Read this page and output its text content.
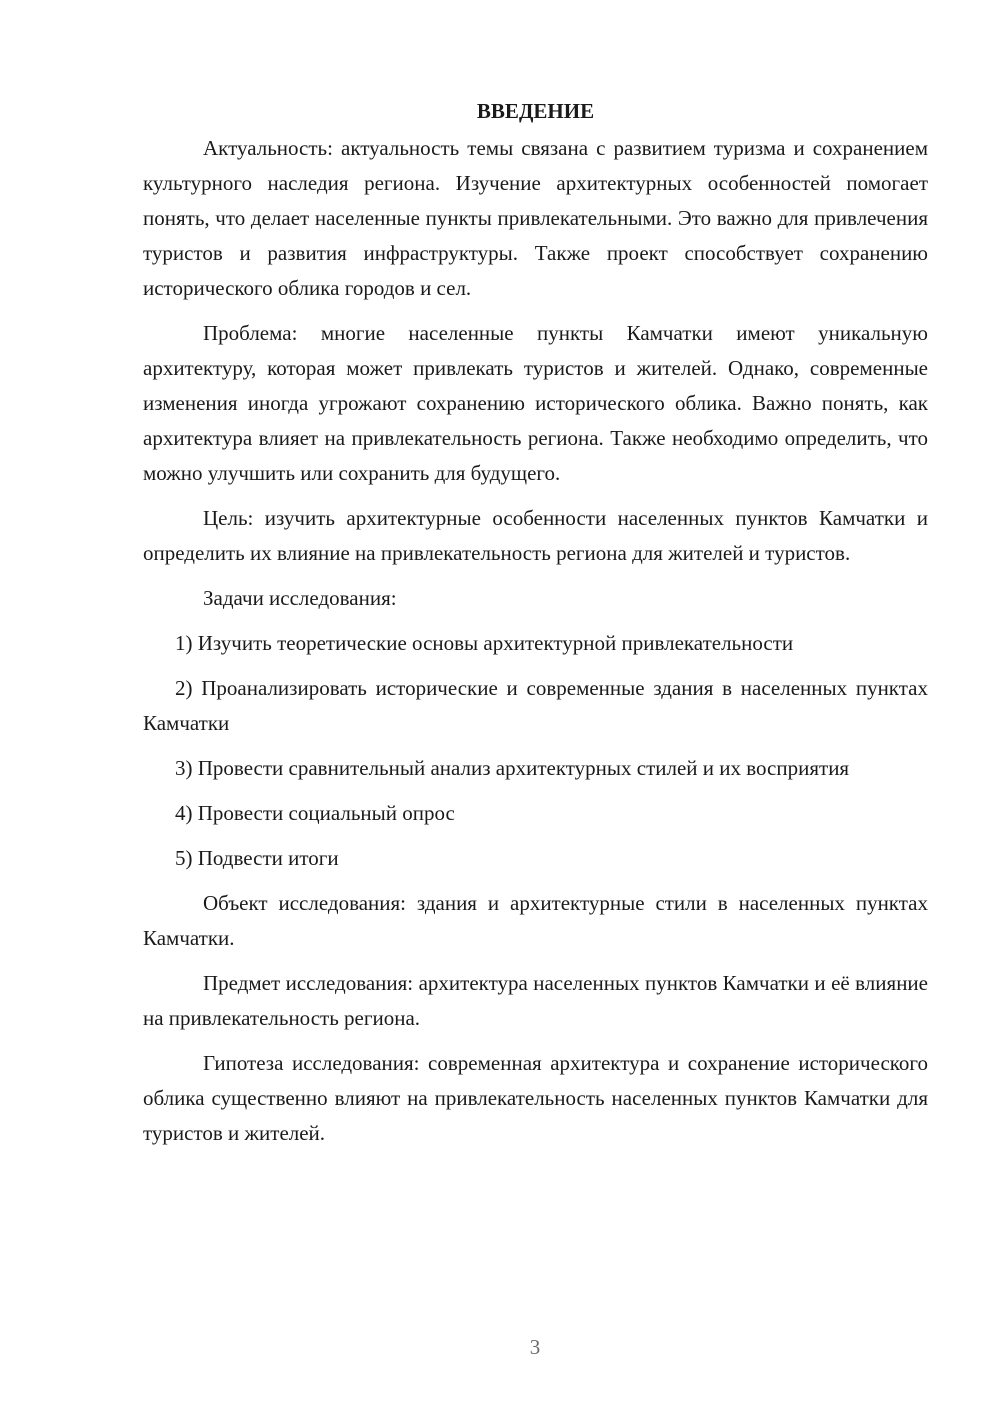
ВВЕДЕНИЕ

Актуальность: актуальность темы связана с развитием туризма и сохранением культурного наследия региона. Изучение архитектурных особенностей помогает понять, что делает населенные пункты привлекательными. Это важно для привлечения туристов и развития инфраструктуры. Также проект способствует сохранению исторического облика городов и сел.

Проблема: многие населенные пункты Камчатки имеют уникальную архитектуру, которая может привлекать туристов и жителей. Однако, современные изменения иногда угрожают сохранению исторического облика. Важно понять, как архитектура влияет на привлекательность региона. Также необходимо определить, что можно улучшить или сохранить для будущего.

Цель: изучить архитектурные особенности населенных пунктов Камчатки и определить их влияние на привлекательность региона для жителей и туристов.

Задачи исследования:

1) Изучить теоретические основы архитектурной привлекательности

2) Проанализировать исторические и современные здания в населенных пунктах Камчатки

3) Провести сравнительный анализ архитектурных стилей и их восприятия

4) Провести социальный опрос

5) Подвести итоги

Объект исследования: здания и архитектурные стили в населенных пунктах Камчатки.

Предмет исследования: архитектура населенных пунктов Камчатки и её влияние на привлекательность региона.

Гипотеза исследования: современная архитектура и сохранение исторического облика существенно влияют на привлекательность населенных пунктов Камчатки для туристов и жителей.

3
